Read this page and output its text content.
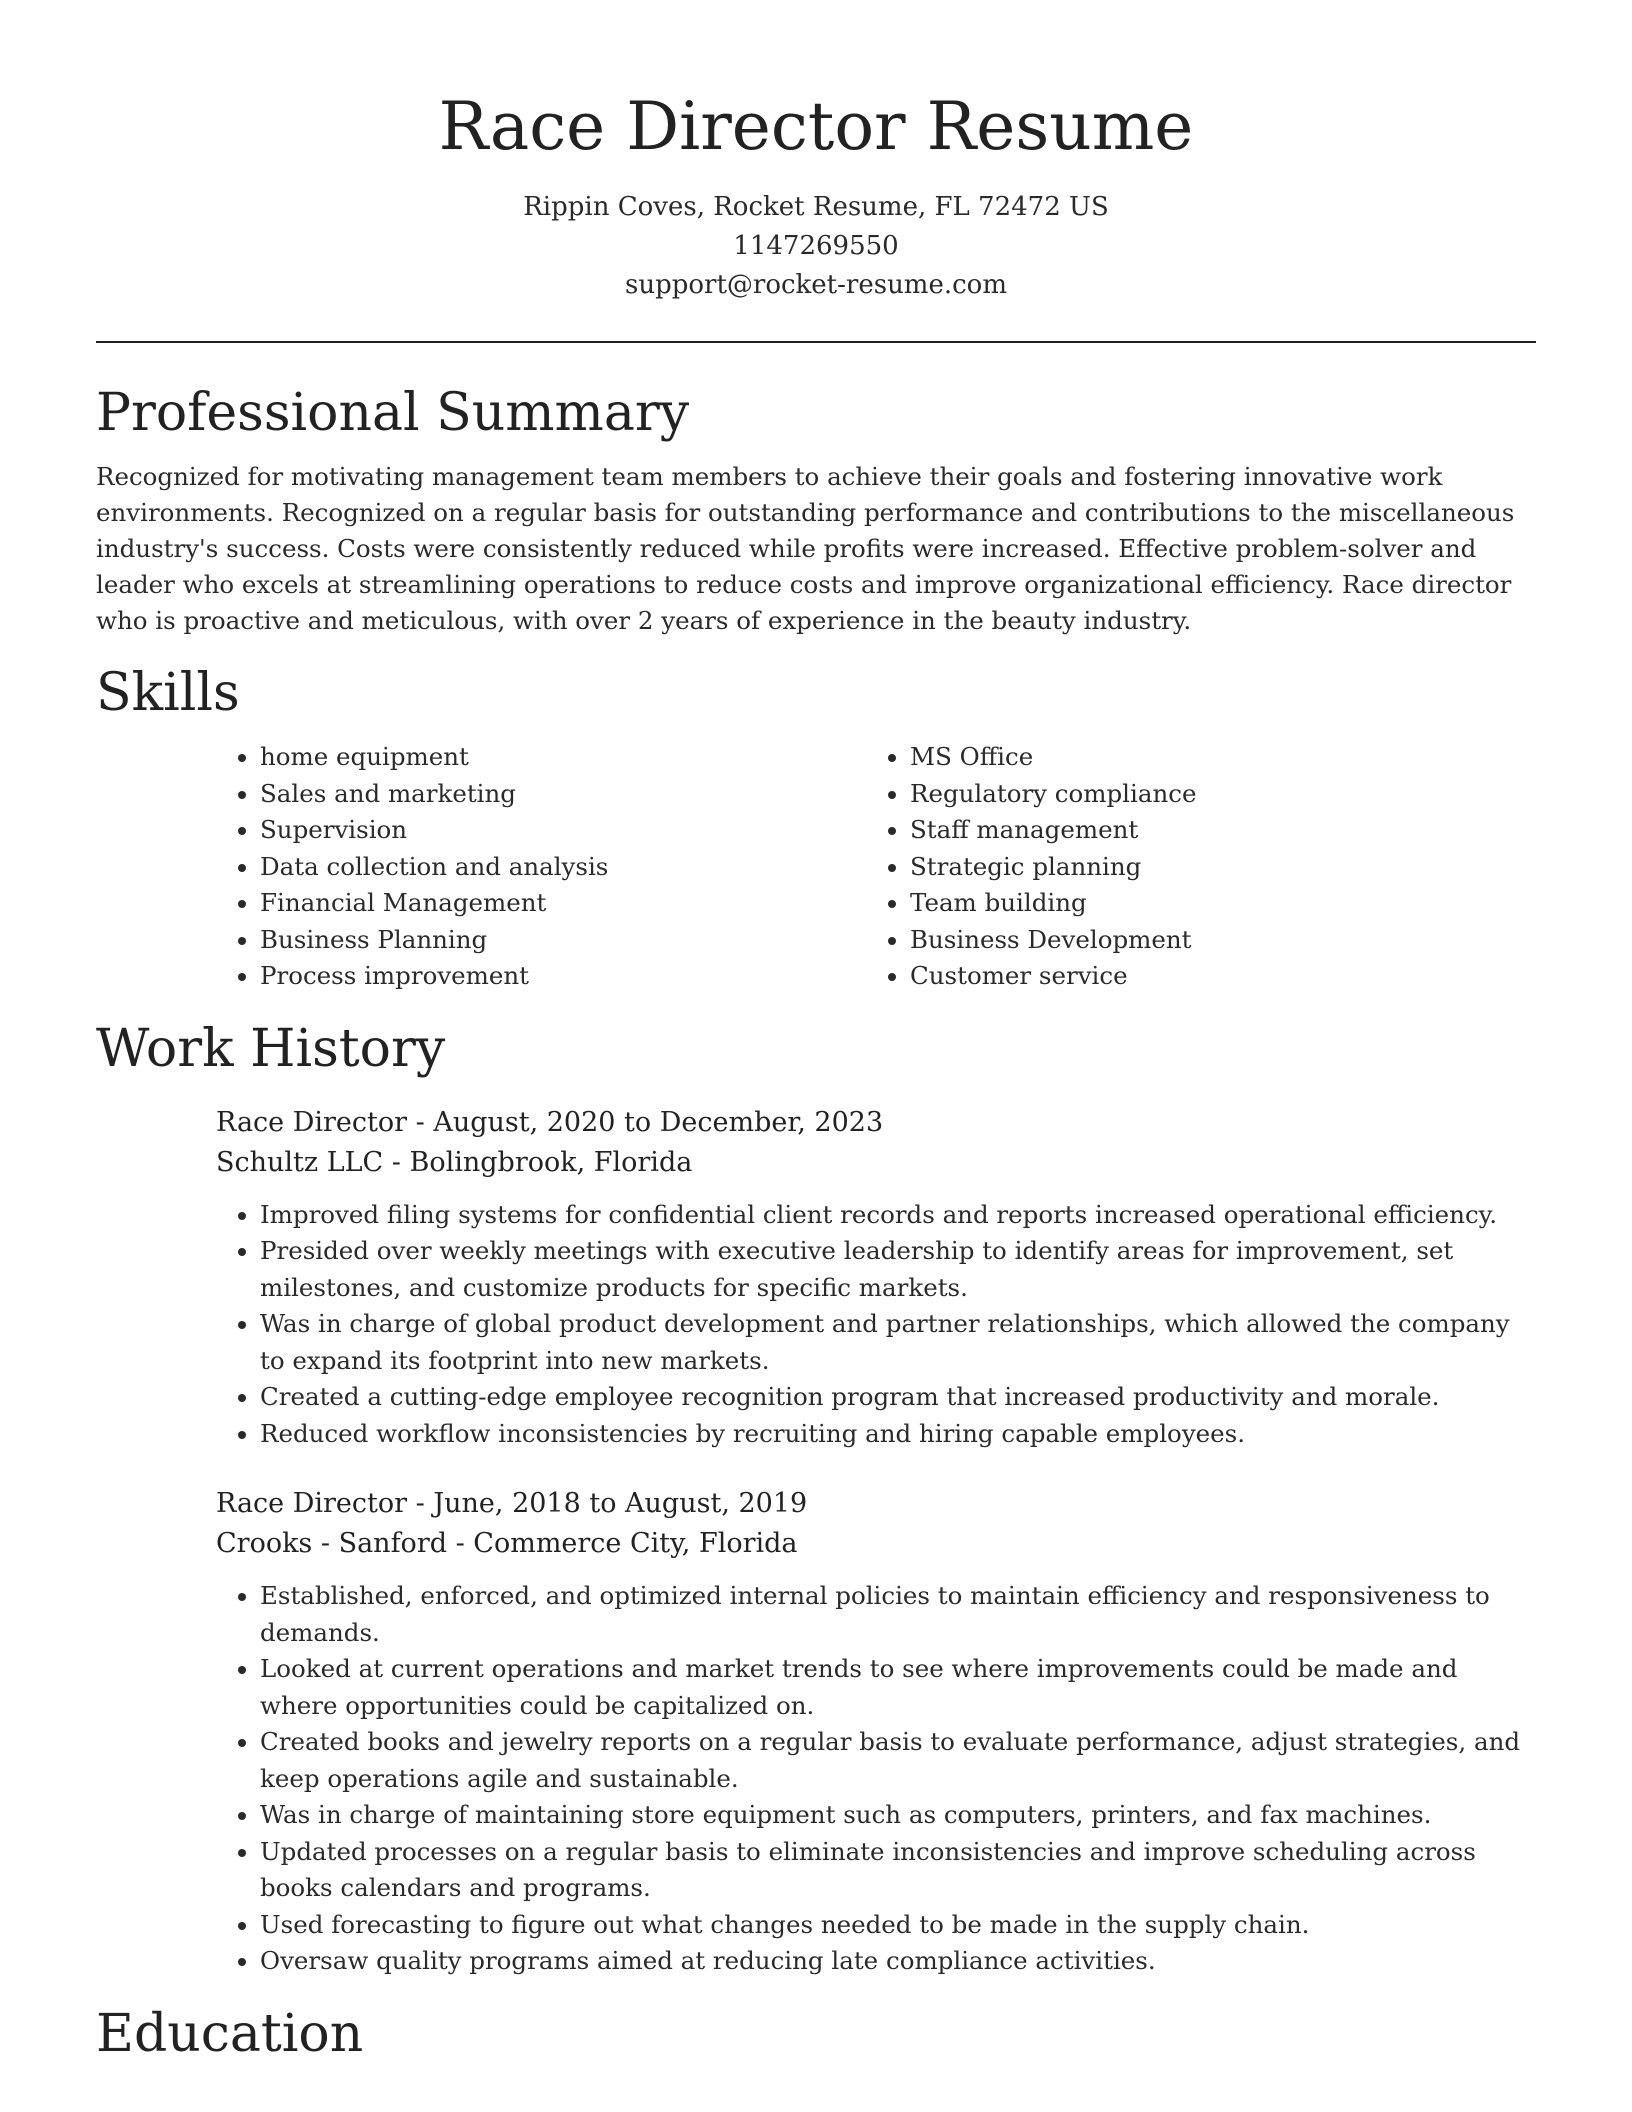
Race Director Resume
Rippin Coves, Rocket Resume, FL 72472 US
1147269550
support@rocket-resume.com
Professional Summary

Recognized for motivating management team members to achieve their goals and fostering innovative work environments. Recognized on a regular basis for outstanding performance and contributions to the miscellaneous industry's success. Costs were consistently reduced while profits were increased. Effective problem-solver and leader who excels at streamlining operations to reduce costs and improve organizational efficiency. Race director who is proactive and meticulous, with over 2 years of experience in the beauty industry.

Skills
• home equipment
• Sales and marketing
• Supervision
• Data collection and analysis
• Financial Management
• Business Planning
• Process improvement
• MS Office
• Regulatory compliance
• Staff management
• Strategic planning
• Team building
• Business Development
• Customer service
Work History
Race Director - August, 2020 to December, 2023
Schultz LLC - Bolingbrook, Florida
• Improved filing systems for confidential client records and reports increased operational efficiency.
• Presided over weekly meetings with executive leadership to identify areas for improvement, set milestones, and customize products for specific markets.
• Was in charge of global product development and partner relationships, which allowed the company to expand its footprint into new markets.
• Created a cutting-edge employee recognition program that increased productivity and morale.
• Reduced workflow inconsistencies by recruiting and hiring capable employees.
Race Director - June, 2018 to August, 2019
Crooks - Sanford - Commerce City, Florida
• Established, enforced, and optimized internal policies to maintain efficiency and responsiveness to demands.
• Looked at current operations and market trends to see where improvements could be made and where opportunities could be capitalized on.
• Created books and jewelry reports on a regular basis to evaluate performance, adjust strategies, and keep operations agile and sustainable.
• Was in charge of maintaining store equipment such as computers, printers, and fax machines.
• Updated processes on a regular basis to eliminate inconsistencies and improve scheduling across books calendars and programs.
• Used forecasting to figure out what changes needed to be made in the supply chain.
• Oversaw quality programs aimed at reducing late compliance activities.
Education
